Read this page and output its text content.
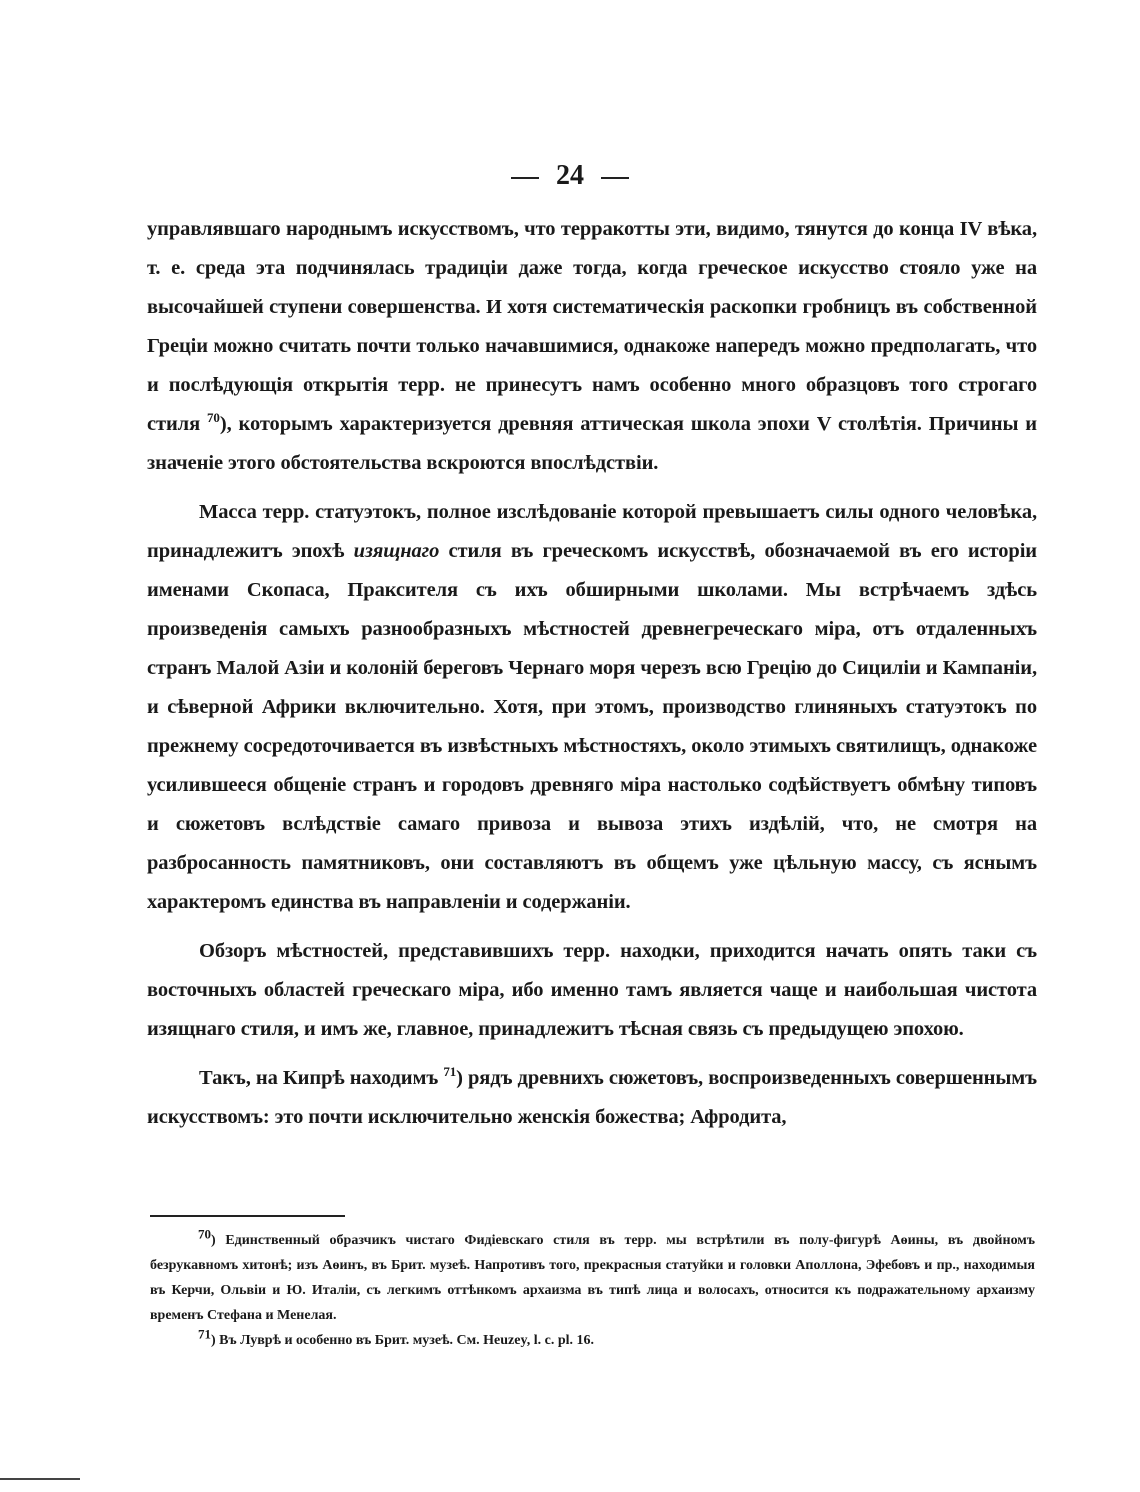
24

управлявшаго народнымъ искусствомъ, что терракотты эти, видимо, тянутся до конца IV вѣка, т. е. среда эта подчинялась традиціи даже тогда, когда греческое искусство стояло уже на высочайшей ступени совершенства. И хотя систематическія раскопки гробницъ въ собственной Греціи можно считать почти только начавшимися, однакоже напередъ можно предполагать, что и послѣдующія открытія терр. не принесутъ намъ особенно много образцовъ того строгаго стиля $^{70}$), которымъ характеризуется древняя аттическая школа эпохи V столѣтія. Причины и значеніе этого обстоятельства вскроются впослѣдствіи.

Масса терр. статуэтокъ, полное изслѣдованіе которой превышаетъ силы одного человѣка, принадлежитъ эпохѣ изящнаго стиля въ греческомъ искусствѣ, обозначаемой въ его исторіи именами Скопаса, Праксителя съ ихъ обширными школами. Мы встрѣчаемъ здѣсь произведенія самыхъ разнообразныхъ мѣстностей древнегреческаго міра, отъ отдаленныхъ странъ Малой Азіи и колоній береговъ Чернаго моря черезъ всю Грецію до Сициліи и Кампаніи, и сѣверной Африки включительно. Хотя, при этомъ, производство глиняныхъ статуэтокъ по прежнему сосредоточивается въ извѣстныхъ мѣстностяхъ, около этимыхъ святилищъ, однакоже усилившееся общеніе странъ и городовъ древняго міра настолько содѣйствуетъ обмѣну типовъ и сюжетовъ вслѣдствіе самаго привоза и вывоза этихъ издѣлій, что, не смотря на разбросанность памятниковъ, они составляютъ въ общемъ уже цѣльную массу, съ яснымъ характеромъ единства въ направленіи и содержаніи.

Обзоръ мѣстностей, представившихъ терр. находки, приходится начать опять таки съ восточныхъ областей греческаго міра, ибо именно тамъ является чаще и наибольшая чистота изящнаго стиля, и имъ же, главное, принадлежитъ тѣсная связь съ предыдущею эпохою.

Такъ, на Кипрѣ находимъ $^{71}$) рядъ древнихъ сюжетовъ, воспроизведенныхъ совершеннымъ искусствомъ: это почти исключительно женскія божества; Афродита,

$^{70}$) Единственный образчикъ чистаго Фидіевскаго стиля въ терр. мы встрѣтили въ полу-фигурѣ Аѳины, въ двойномъ безрукавномъ хитонѣ; изъ Аѳинъ, въ Брит. музеѣ. Напротивъ того, прекрасныя статуйки и головки Аполлона, Эфебовъ и пр., находимыя въ Керчи, Ольвіи и Ю. Италіи, съ легкимъ оттѣнкомъ архаизма въ типѣ лица и волосахъ, относится къ подражательному архаизму временъ Стефана и Менелая.

$^{71}$) Въ Луврѣ и особенно въ Брит. музеѣ. См. Heuzey, l. c. pl. 16.
